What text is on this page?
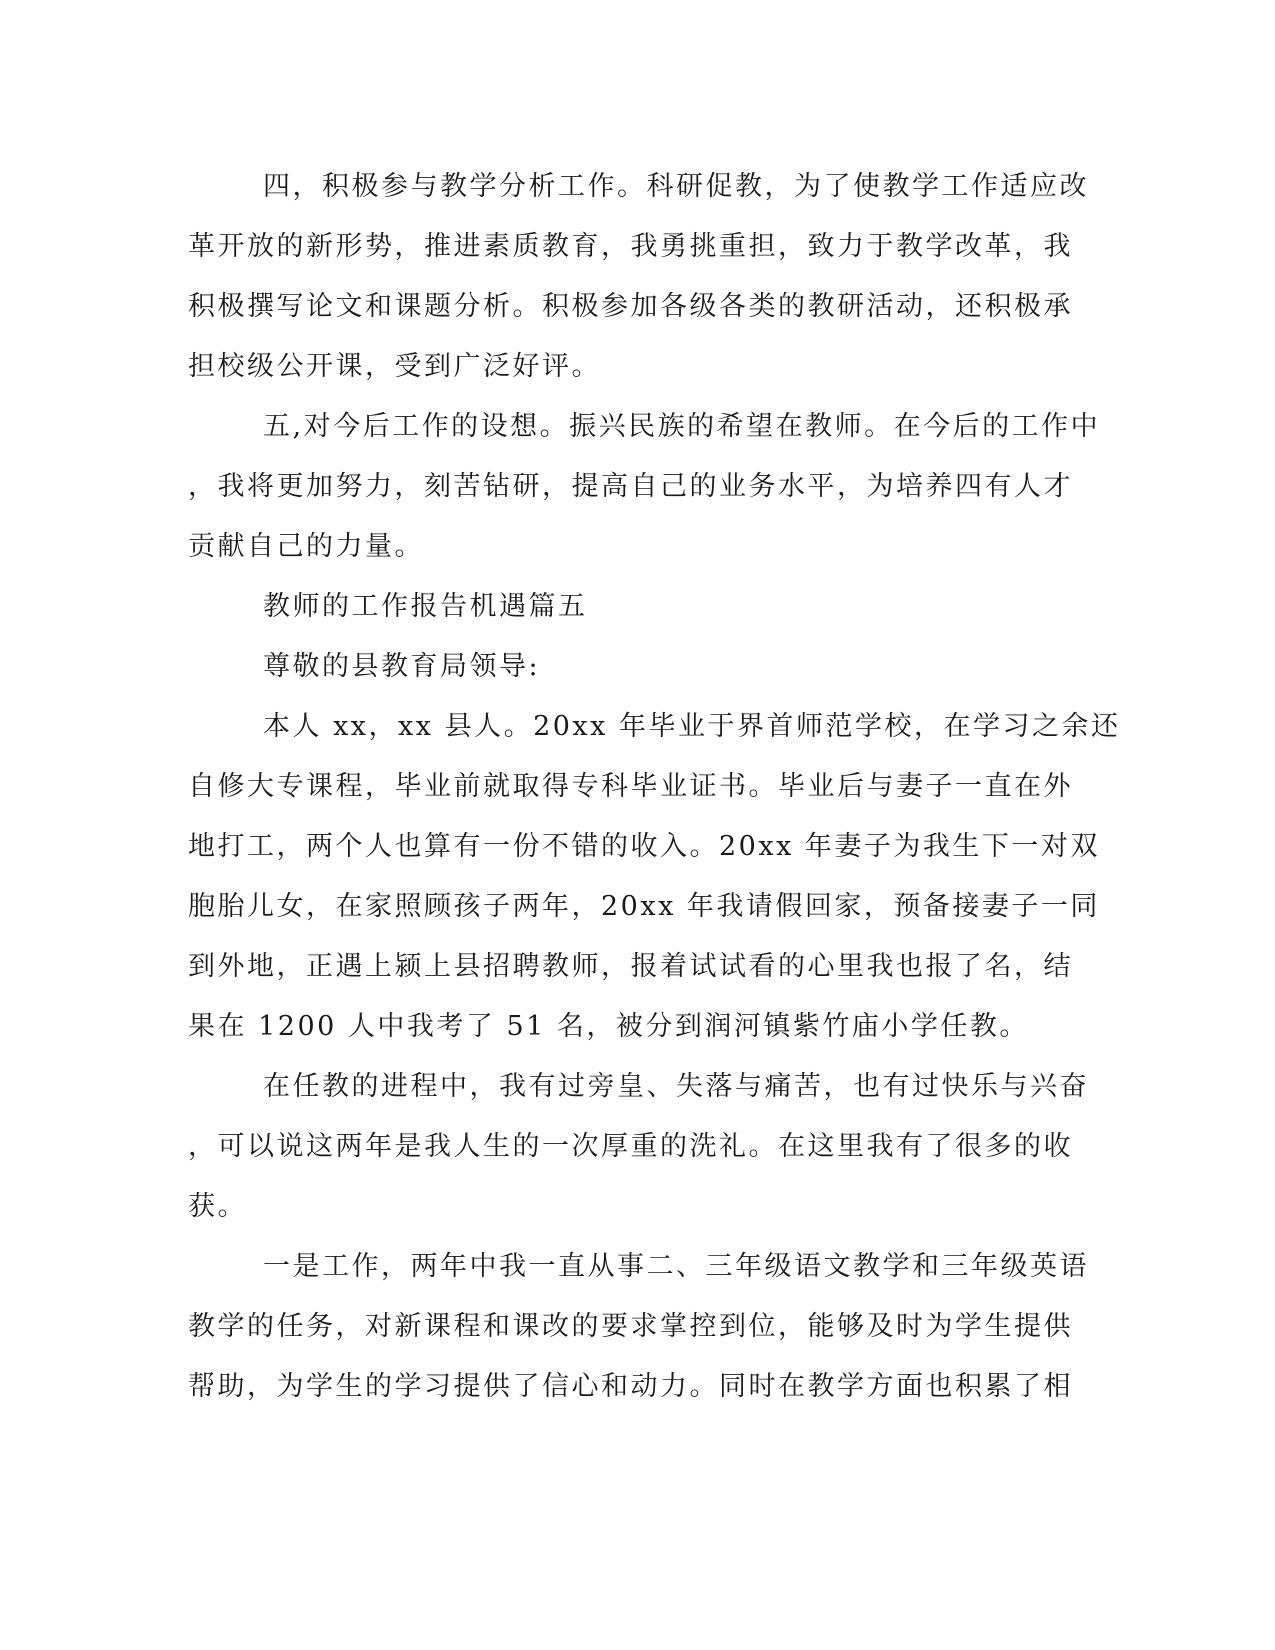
四，积极参与教学分析工作。科研促教，为了使教学工作适应改
革开放的新形势，推进素质教育，我勇挑重担，致力于教学改革，我
积极撰写论文和课题分析。积极参加各级各类的教研活动，还积极承
担校级公开课，受到广泛好评。
五,对今后工作的设想。振兴民族的希望在教师。在今后的工作中
，我将更加努力，刻苦钻研，提高自己的业务水平，为培养四有人才
贡献自己的力量。
教师的工作报告机遇篇五
尊敬的县教育局领导:
本人 xx，xx 县人。20xx 年毕业于界首师范学校，在学习之余还
自修大专课程，毕业前就取得专科毕业证书。毕业后与妻子一直在外
地打工，两个人也算有一份不错的收入。20xx 年妻子为我生下一对双
胞胎儿女，在家照顾孩子两年，20xx 年我请假回家，预备接妻子一同
到外地，正遇上颍上县招聘教师，报着试试看的心里我也报了名，结
果在 1200 人中我考了 51 名，被分到润河镇紫竹庙小学任教。
在任教的进程中，我有过旁皇、失落与痛苦，也有过快乐与兴奋
，可以说这两年是我人生的一次厚重的洗礼。在这里我有了很多的收
获。
一是工作，两年中我一直从事二、三年级语文教学和三年级英语
教学的任务，对新课程和课改的要求掌控到位，能够及时为学生提供
帮助，为学生的学习提供了信心和动力。同时在教学方面也积累了相
